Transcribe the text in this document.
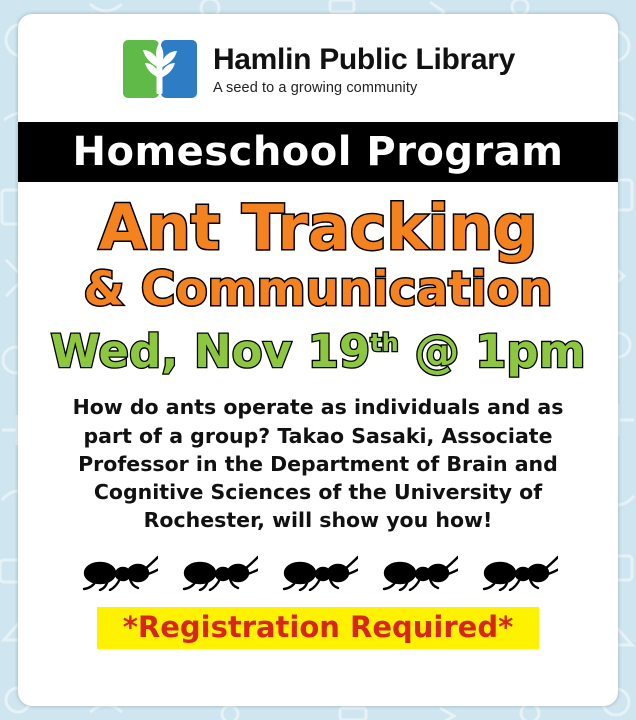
Hamlin Public Library
A seed to a growing community
Homeschool Program
Ant Tracking
& Communication
Wed, Nov 19th @ 1pm

How do ants operate as individuals and as part of a group? Takao Sasaki, Associate Professor in the Department of Brain and Cognitive Sciences of the University of Rochester, will show you how!

*Registration Required*
